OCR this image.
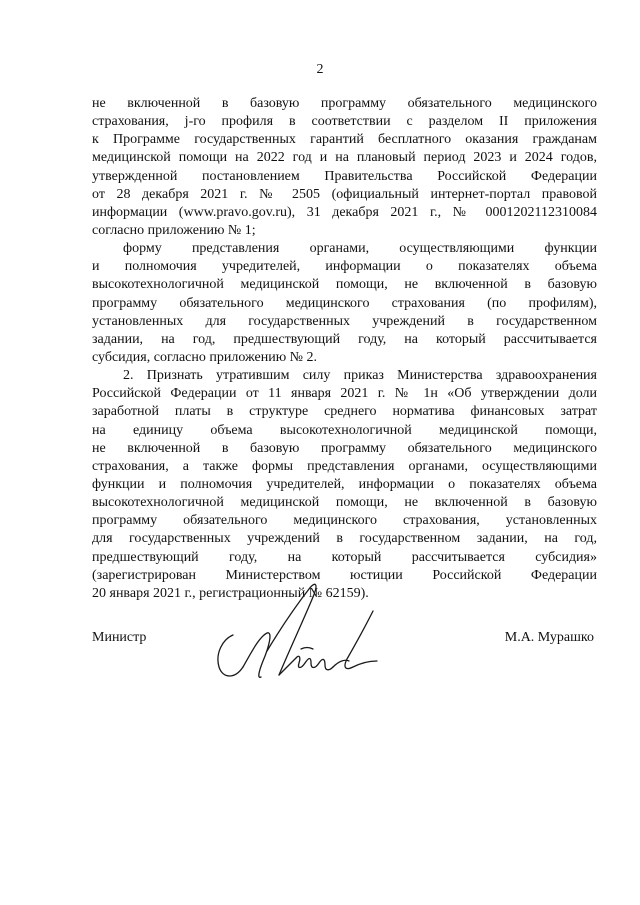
2
не включенной в базовую программу обязательного медицинского
страхования, j-го профиля в соответствии с разделом II приложения
к Программе государственных гарантий бесплатного оказания гражданам
медицинской помощи на 2022 год и на плановый период 2023 и 2024 годов,
утвержденной постановлением Правительства Российской Федерации
от 28 декабря 2021 г. № 2505 (официальный интернет-портал правовой
информации (www.pravo.gov.ru), 31 декабря 2021 г., № 0001202112310084
согласно приложению № 1;
форму представления органами, осуществляющими функции
и полномочия учредителей, информации о показателях объема
высокотехнологичной медицинской помощи, не включенной в базовую
программу обязательного медицинского страхования (по профилям),
установленных для государственных учреждений в государственном
задании, на год, предшествующий году, на который рассчитывается
субсидия, согласно приложению № 2.
2. Признать утратившим силу приказ Министерства здравоохранения
Российской Федерации от 11 января 2021 г. № 1н «Об утверждении доли
заработной платы в структуре среднего норматива финансовых затрат
на единицу объема высокотехнологичной медицинской помощи,
не включенной в базовую программу обязательного медицинского
страхования, а также формы представления органами, осуществляющими
функции и полномочия учредителей, информации о показателях объема
высокотехнологичной медицинской помощи, не включенной в базовую
программу обязательного медицинского страхования, установленных
для государственных учреждений в государственном задании, на год,
предшествующий году, на который рассчитывается субсидия»
(зарегистрирован Министерством юстиции Российской Федерации
20 января 2021 г., регистрационный № 62159).
Министр	М.А. Мурашко
